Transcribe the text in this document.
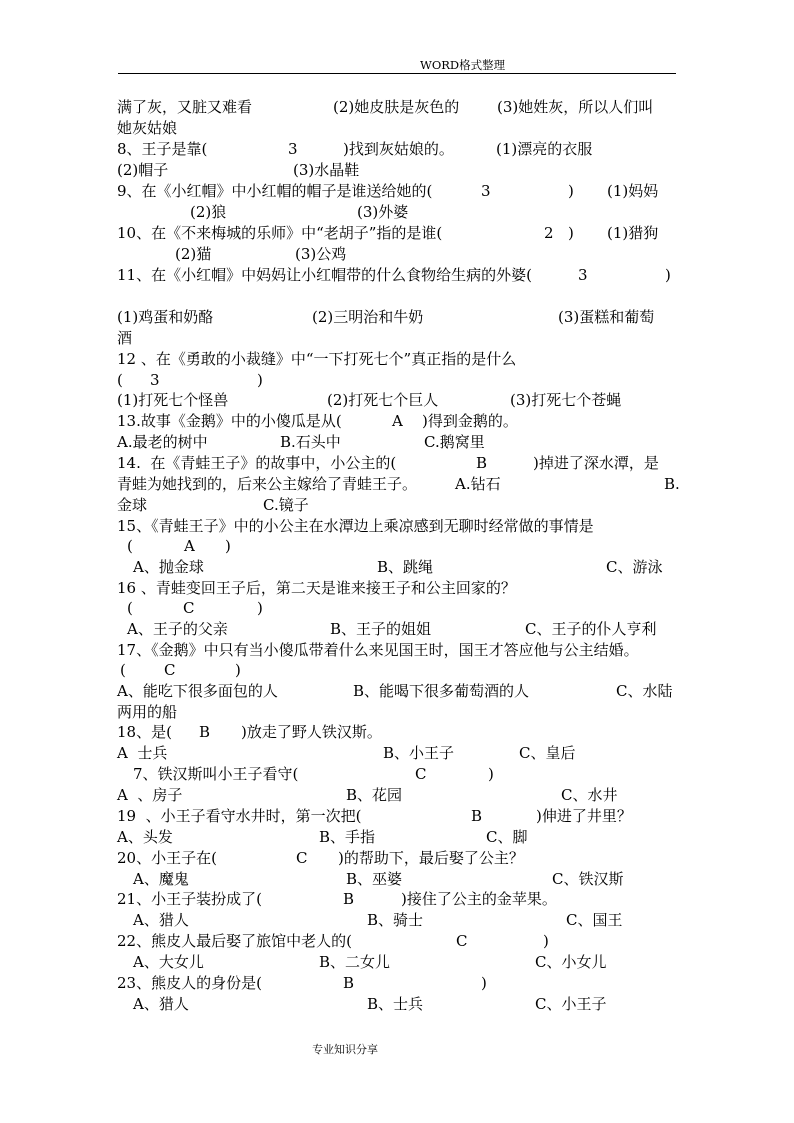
WORD格式整理
满了灰，又脏又难看	(2)她皮肤是灰色的	(3)她姓灰，所以人们叫
她灰姑娘
8、王子是靠(	3	)找到灰姑娘的。	(1)漂亮的衣服
(2)帽子	(3)水晶鞋
9、在《小红帽》中小红帽的帽子是谁送给她的(	3	) (1)妈妈
(2)狼	(3)外婆
10、在《不来梅城的乐师》中“老胡子”指的是谁(	2 ) (1)猎狗
(2)猫	(3)公鸡
11、在《小红帽》中妈妈让小红帽带的什么食物给生病的外婆(	3	)
(1)鸡蛋和奶酪	(2)三明治和牛奶	(3)蛋糕和葡萄
酒
12 、在《勇敢的小裁缝》中“一下打死七个”真正指的是什么
( 3	)
(1)打死七个怪兽	(2)打死七个巨人	(3)打死七个苍蝇
13.故事《金鹅》中的小傻瓜是从(	A )得到金鹅的。
A.最老的树中	B.石头中	C.鹅窝里
14.  在《青蛙王子》的故事中，小公主的(	B	)掉进了深水潭，是
青蛙为她找到的，后来公主嫁给了青蛙王子。	A.钻石	B.
金球	C.镜子
15、《青蛙王子》中的小公主在水潭边上乘凉感到无聊时经常做的事情是
(	A )
A、抛金球	B、跳绳	C、游泳
16 、青蛙变回王子后，第二天是谁来接王子和公主回家的？
(	C	)
A、王子的父亲	B、王子的姐姐	C、王子的仆人亨利
17、《金鹅》中只有当小傻瓜带着什么来见国王时，国王才答应他与公主结婚。
(	C	)
A、能吃下很多面包的人	B、能喝下很多葡萄酒的人	C、水陆
两用的船
18、是( B )放走了野人铁汉斯。
A  士兵	B、小王子	C、皇后
7、铁汉斯叫小王子看守(	C	)
A  、房子	B、花园	C、水井
19  、小王子看守水井时，第一次把(	B	)伸进了井里？
A、头发	B、手指	C、脚
20、小王子在(	C )的帮助下，最后娶了公主？
A、魔鬼	B、巫婆	C、铁汉斯
21、小王子装扮成了(	B	)接住了公主的金苹果。
A、猎人	B、骑士	C、国王
22、熊皮人最后娶了旅馆中老人的(	C	)
A、大女儿	B、二女儿	C、小女儿
23、熊皮人的身份是(	B	)
A、猎人	B、士兵	C、小王子
专业知识分享
